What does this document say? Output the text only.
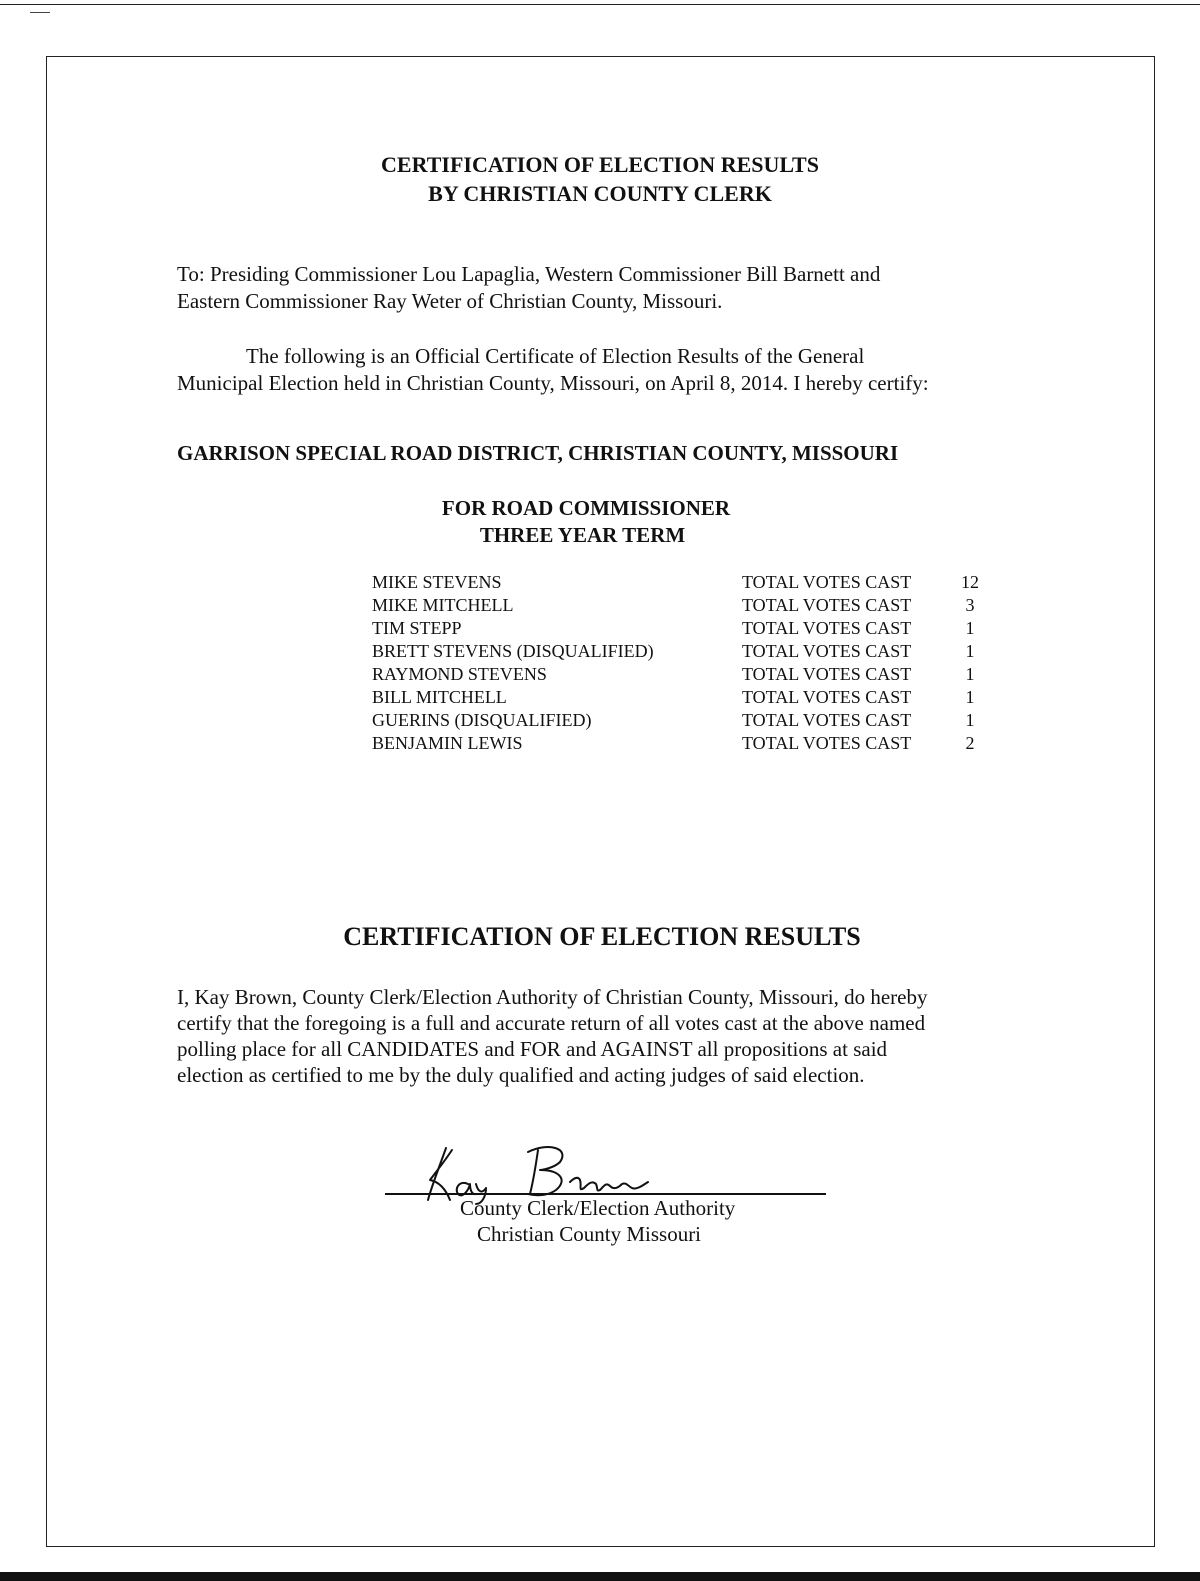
CERTIFICATION OF ELECTION RESULTS
BY CHRISTIAN COUNTY CLERK
To: Presiding Commissioner Lou Lapaglia, Western Commissioner Bill Barnett and
Eastern Commissioner Ray Weter of Christian County, Missouri.
The following is an Official Certificate of Election Results of the General
Municipal Election held in Christian County, Missouri, on April 8, 2014. I hereby certify:
GARRISON SPECIAL ROAD DISTRICT, CHRISTIAN COUNTY, MISSOURI
FOR ROAD COMMISSIONER
THREE YEAR TERM
MIKE STEVENS	TOTAL VOTES CAST	12
MIKE MITCHELL	TOTAL VOTES CAST	3
TIM STEPP	TOTAL VOTES CAST	1
BRETT STEVENS (DISQUALIFIED)	TOTAL VOTES CAST	1
RAYMOND STEVENS	TOTAL VOTES CAST	1
BILL MITCHELL	TOTAL VOTES CAST	1
GUERINS (DISQUALIFIED)	TOTAL VOTES CAST	1
BENJAMIN LEWIS	TOTAL VOTES CAST	2
CERTIFICATION OF ELECTION RESULTS
I, Kay Brown, County Clerk/Election Authority of Christian County, Missouri, do hereby
certify that the foregoing is a full and accurate return of all votes cast at the above named
polling place for all CANDIDATES and FOR and AGAINST all propositions at said
election as certified to me by the duly qualified and acting judges of said election.
County Clerk/Election Authority
Christian County Missouri
